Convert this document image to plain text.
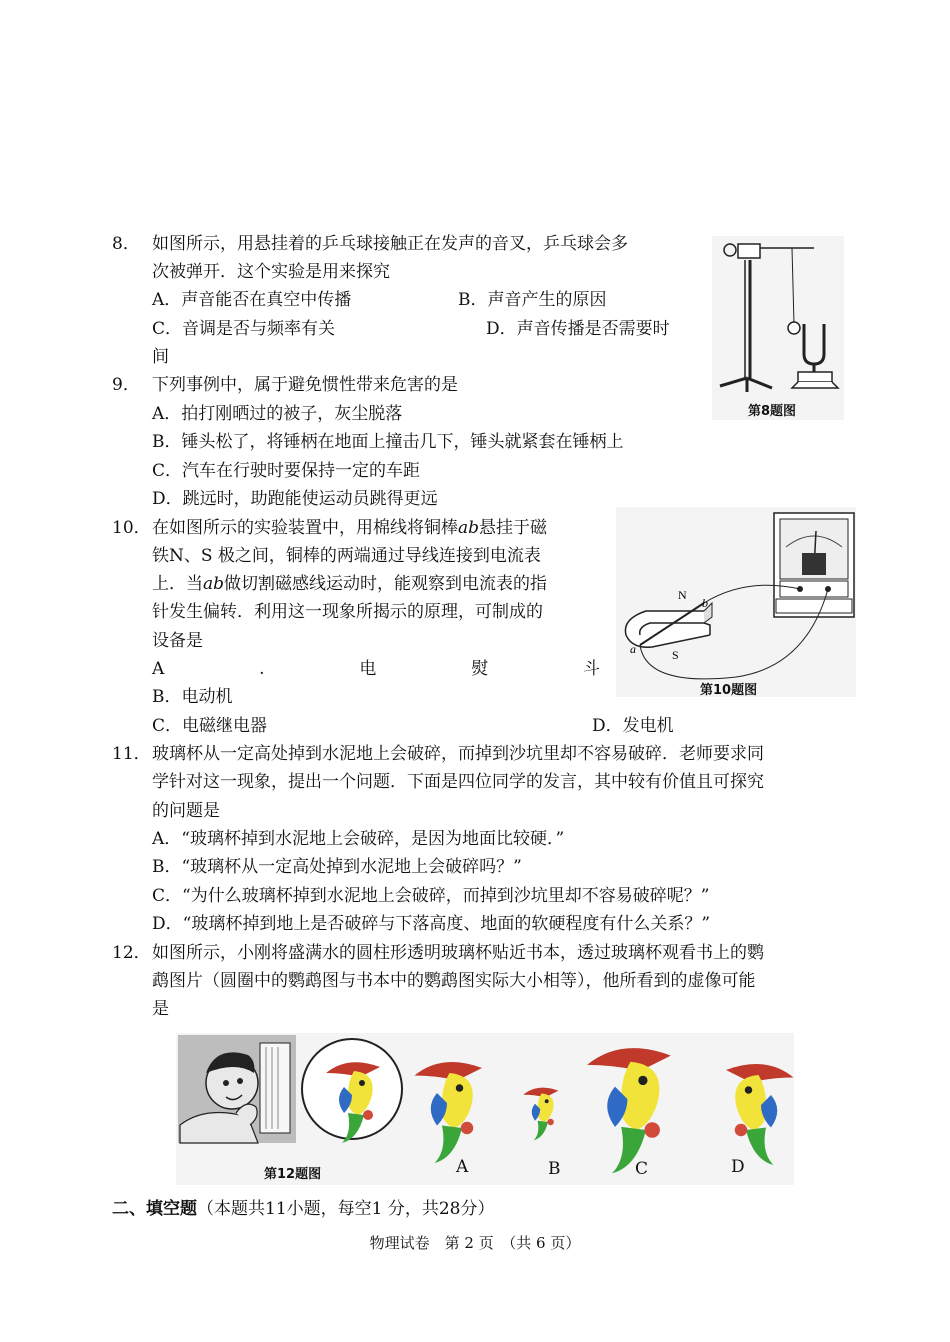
8． 如图所示，用悬挂着的乒乓球接触正在发声的音叉，乒乓球会多
次被弹开．这个实验是用来探究
A．声音能否在真空中传播	B．声音产生的原因
C．音调是否与频率有关	D．声音传播是否需要时
间
第8题图
9． 下列事例中，属于避免惯性带来危害的是
A．拍打刚晒过的被子，灰尘脱落
B．锤头松了，将锤柄在地面上撞击几下，锤头就紧套在锤柄上
C．汽车在行驶时要保持一定的车距
D．跳远时，助跑能使运动员跳得更远
10． 在如图所示的实验装置中，用棉线将铜棒ab悬挂于磁
铁N、S 极之间，铜棒的两端通过导线连接到电流表
上．当ab做切割磁感线运动时，能观察到电流表的指
针发生偏转．利用这一现象所揭示的原理，可制成的
设备是
A	.	电	熨	斗
B．电动机
C．电磁继电器	D．发电机
N
S
a
b
第10题图
11． 玻璃杯从一定高处掉到水泥地上会破碎，而掉到沙坑里却不容易破碎．老师要求同
学针对这一现象，提出一个问题．下面是四位同学的发言，其中较有价值且可探究
的问题是
A．“玻璃杯掉到水泥地上会破碎，是因为地面比较硬．”
B．“玻璃杯从一定高处掉到水泥地上会破碎吗？”
C．“为什么玻璃杯掉到水泥地上会破碎，而掉到沙坑里却不容易破碎呢？”
D．“玻璃杯掉到地上是否破碎与下落高度、地面的软硬程度有什么关系？”
12． 如图所示，小刚将盛满水的圆柱形透明玻璃杯贴近书本，透过玻璃杯观看书上的鹦
鹉图片（圆圈中的鹦鹉图与书本中的鹦鹉图实际大小相等），他所看到的虚像可能
是
第12题图	A	B	C	D
二、填空题（本题共11小题，每空1 分，共28分）
物理试卷　第 2 页　（共 6 页）
